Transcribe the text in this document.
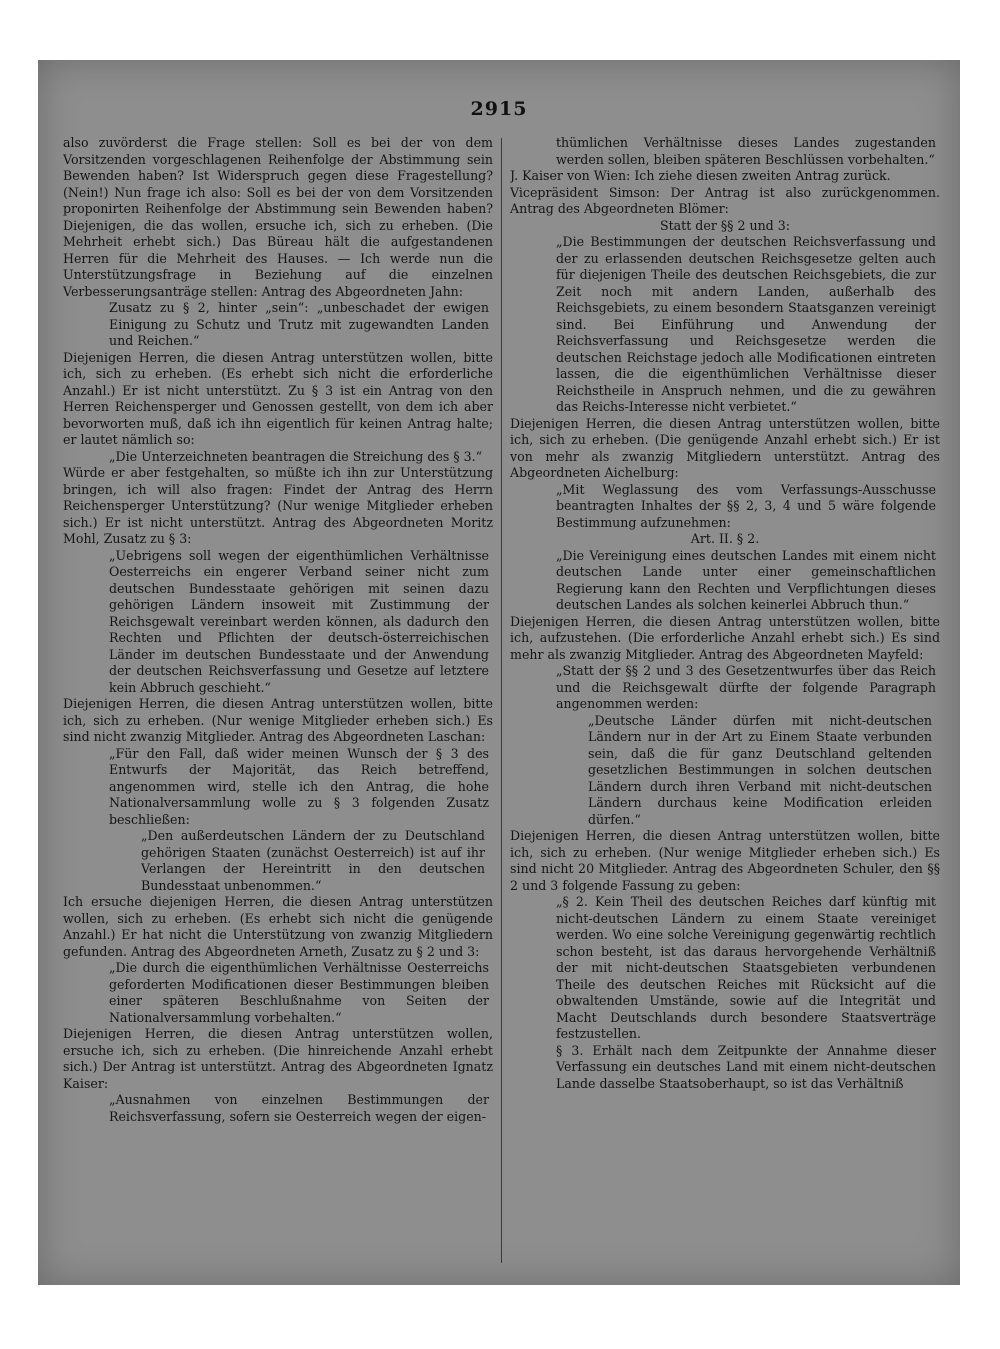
2915

also zuvörderst die Frage stellen: Soll es bei der von dem Vorsitzenden vorgeschlagenen Reihenfolge der Abstimmung sein Bewenden haben? Ist Widerspruch gegen diese Fragestellung? (Nein!) Nun frage ich also: Soll es bei der von dem Vorsitzenden proponirten Reihenfolge der Abstimmung sein Bewenden haben? Diejenigen, die das wollen, ersuche ich, sich zu erheben. (Die Mehrheit erhebt sich.) Das Büreau hält die aufgestandenen Herren für die Mehrheit des Hauses. — Ich werde nun die Unterstützungsfrage in Beziehung auf die einzelnen Verbesserungsanträge stellen: Antrag des Abgeordneten Jahn:

Zusatz zu § 2, hinter „sein“: „unbeschadet der ewigen Einigung zu Schutz und Trutz mit zugewandten Landen und Reichen.“

Diejenigen Herren, die diesen Antrag unterstützen wollen, bitte ich, sich zu erheben. (Es erhebt sich nicht die erforderliche Anzahl.) Er ist nicht unterstützt. Zu § 3 ist ein Antrag von den Herren Reichensperger und Genossen gestellt, von dem ich aber bevorworten muß, daß ich ihn eigentlich für keinen Antrag halte; er lautet nämlich so:

„Die Unterzeichneten beantragen die Streichung des § 3.“

Würde er aber festgehalten, so müßte ich ihn zur Unterstützung bringen, ich will also fragen: Findet der Antrag des Herrn Reichensperger Unterstützung? (Nur wenige Mitglieder erheben sich.) Er ist nicht unterstützt. Antrag des Abgeordneten Moritz Mohl, Zusatz zu § 3:

„Uebrigens soll wegen der eigenthümlichen Verhältnisse Oesterreichs ein engerer Verband seiner nicht zum deutschen Bundesstaate gehörigen mit seinen dazu gehörigen Ländern insoweit mit Zustimmung der Reichsgewalt vereinbart werden können, als dadurch den Rechten und Pflichten der deutsch-österreichischen Länder im deutschen Bundesstaate und der Anwendung der deutschen Reichsverfassung und Gesetze auf letztere kein Abbruch geschieht.“

Diejenigen Herren, die diesen Antrag unterstützen wollen, bitte ich, sich zu erheben. (Nur wenige Mitglieder erheben sich.) Es sind nicht zwanzig Mitglieder. Antrag des Abgeordneten Laschan:

„Für den Fall, daß wider meinen Wunsch der § 3 des Entwurfs der Majorität, das Reich betreffend, angenommen wird, stelle ich den Antrag, die hohe Nationalversammlung wolle zu § 3 folgenden Zusatz beschließen:

„Den außerdeutschen Ländern der zu Deutschland gehörigen Staaten (zunächst Oesterreich) ist auf ihr Verlangen der Hereintritt in den deutschen Bundesstaat unbenommen.“

Ich ersuche diejenigen Herren, die diesen Antrag unterstützen wollen, sich zu erheben. (Es erhebt sich nicht die genügende Anzahl.) Er hat nicht die Unterstützung von zwanzig Mitgliedern gefunden. Antrag des Abgeordneten Arneth, Zusatz zu § 2 und 3:

„Die durch die eigenthümlichen Verhältnisse Oesterreichs geforderten Modificationen dieser Bestimmungen bleiben einer späteren Beschlußnahme von Seiten der Nationalversammlung vorbehalten.“

Diejenigen Herren, die diesen Antrag unterstützen wollen, ersuche ich, sich zu erheben. (Die hinreichende Anzahl erhebt sich.) Der Antrag ist unterstützt. Antrag des Abgeordneten Ignatz Kaiser:

„Ausnahmen von einzelnen Bestimmungen der Reichsverfassung, sofern sie Oesterreich wegen der eigen-

thümlichen Verhältnisse dieses Landes zugestanden werden sollen, bleiben späteren Beschlüssen vorbehalten.“

J. Kaiser von Wien: Ich ziehe diesen zweiten Antrag zurück.

Vicepräsident Simson: Der Antrag ist also zurückgenommen. Antrag des Abgeordneten Blömer:

Statt der §§ 2 und 3:

„Die Bestimmungen der deutschen Reichsverfassung und der zu erlassenden deutschen Reichsgesetze gelten auch für diejenigen Theile des deutschen Reichsgebiets, die zur Zeit noch mit andern Landen, außerhalb des Reichsgebiets, zu einem besondern Staatsganzen vereinigt sind. Bei Einführung und Anwendung der Reichsverfassung und Reichsgesetze werden die deutschen Reichstage jedoch alle Modificationen eintreten lassen, die die eigenthümlichen Verhältnisse dieser Reichstheile in Anspruch nehmen, und die zu gewähren das Reichs-Interesse nicht verbietet.“

Diejenigen Herren, die diesen Antrag unterstützen wollen, bitte ich, sich zu erheben. (Die genügende Anzahl erhebt sich.) Er ist von mehr als zwanzig Mitgliedern unterstützt. Antrag des Abgeordneten Aichelburg:

„Mit Weglassung des vom Verfassungs-Ausschusse beantragten Inhaltes der §§ 2, 3, 4 und 5 wäre folgende Bestimmung aufzunehmen:

Art. II. § 2.

„Die Vereinigung eines deutschen Landes mit einem nicht deutschen Lande unter einer gemeinschaftlichen Regierung kann den Rechten und Verpflichtungen dieses deutschen Landes als solchen keinerlei Abbruch thun.“

Diejenigen Herren, die diesen Antrag unterstützen wollen, bitte ich, aufzustehen. (Die erforderliche Anzahl erhebt sich.) Es sind mehr als zwanzig Mitglieder. Antrag des Abgeordneten Mayfeld:

„Statt der §§ 2 und 3 des Gesetzentwurfes über das Reich und die Reichsgewalt dürfte der folgende Paragraph angenommen werden:

„Deutsche Länder dürfen mit nicht-deutschen Ländern nur in der Art zu Einem Staate verbunden sein, daß die für ganz Deutschland geltenden gesetzlichen Bestimmungen in solchen deutschen Ländern durch ihren Verband mit nicht-deutschen Ländern durchaus keine Modification erleiden dürfen.“

Diejenigen Herren, die diesen Antrag unterstützen wollen, bitte ich, sich zu erheben. (Nur wenige Mitglieder erheben sich.) Es sind nicht 20 Mitglieder. Antrag des Abgeordneten Schuler, den §§ 2 und 3 folgende Fassung zu geben:

„§ 2. Kein Theil des deutschen Reiches darf künftig mit nicht-deutschen Ländern zu einem Staate vereiniget werden. Wo eine solche Vereinigung gegenwärtig rechtlich schon besteht, ist das daraus hervorgehende Verhältniß der mit nicht-deutschen Staatsgebieten verbundenen Theile des deutschen Reiches mit Rücksicht auf die obwaltenden Umstände, sowie auf die Integrität und Macht Deutschlands durch besondere Staatsverträge festzustellen.

§ 3. Erhält nach dem Zeitpunkte der Annahme dieser Verfassung ein deutsches Land mit einem nicht-deutschen Lande dasselbe Staatsoberhaupt, so ist das Verhältniß
